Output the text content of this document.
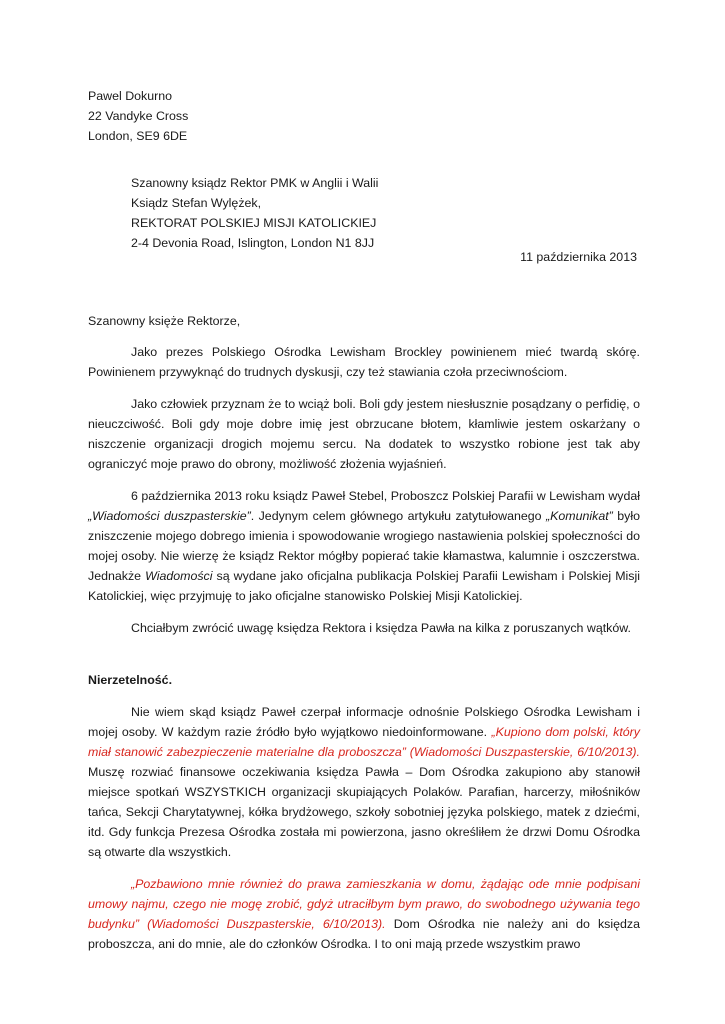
Pawel Dokurno
22 Vandyke Cross
London, SE9 6DE
Szanowny ksiądz Rektor PMK w Anglii i Walii
Ksiądz Stefan Wylężek,
REKTORAT POLSKIEJ MISJI KATOLICKIEJ
2-4 Devonia Road, Islington, London N1 8JJ
11 października 2013
Szanowny księże Rektorze,

Jako prezes Polskiego Ośrodka Lewisham Brockley powinienem mieć twardą skórę. Powinienem przywyknąć do trudnych dyskusji, czy też stawiania czoła przeciwnościom.

Jako człowiek przyznam że to wciąż boli. Boli gdy jestem niesłusznie posądzany o perfidię, o nieuczciwość. Boli gdy moje dobre imię jest obrzucane błotem, kłamliwie jestem oskarżany o niszczenie organizacji drogich mojemu sercu. Na dodatek to wszystko robione jest tak aby ograniczyć moje prawo do obrony, możliwość złożenia wyjaśnień.

6 października 2013 roku ksiądz Paweł Stebel, Proboszcz Polskiej Parafii w Lewisham wydał „Wiadomości duszpasterskie”. Jedynym celem głównego artykułu zatytułowanego „Komunikat” było zniszczenie mojego dobrego imienia i spowodowanie wrogiego nastawienia polskiej społeczności do mojej osoby. Nie wierzę że ksiądz Rektor mógłby popierać takie kłamastwa, kalumnie i oszczerstwa. Jednakże Wiadomości są wydane jako oficjalna publikacja Polskiej Parafii Lewisham i Polskiej Misji Katolickiej, więc przyjmuję to jako oficjalne stanowisko Polskiej Misji Katolickiej.

Chciałbym zwrócić uwagę księdza Rektora i księdza Pawła na kilka z poruszanych wątków.

Nierzetelność.

Nie wiem skąd ksiądz Paweł czerpał informacje odnośnie Polskiego Ośrodka Lewisham i mojej osoby. W każdym razie źródło było wyjątkowo niedoinformowane. „Kupiono dom polski, który miał stanowić zabezpieczenie materialne dla proboszcza” (Wiadomości Duszpasterskie, 6/10/2013). Muszę rozwiać finansowe oczekiwania księdza Pawła – Dom Ośrodka zakupiono aby stanowił miejsce spotkań WSZYSTKICH organizacji skupiających Polaków. Parafian, harcerzy, miłośników tańca, Sekcji Charytatywnej, kółka brydżowego, szkoły sobotniej języka polskiego, matek z dziećmi, itd. Gdy funkcja Prezesa Ośrodka została mi powierzona, jasno określiłem że drzwi Domu Ośrodka są otwarte dla wszystkich.

„Pozbawiono mnie również do prawa zamieszkania w domu, żądając ode mnie podpisani umowy najmu, czego nie mogę zrobić, gdyż utraciłbym bym prawo, do swobodnego używania tego budynku” (Wiadomości Duszpasterskie, 6/10/2013). Dom Ośrodka nie należy ani do księdza proboszcza, ani do mnie, ale do członków Ośrodka. I to oni mają przede wszystkim prawo
